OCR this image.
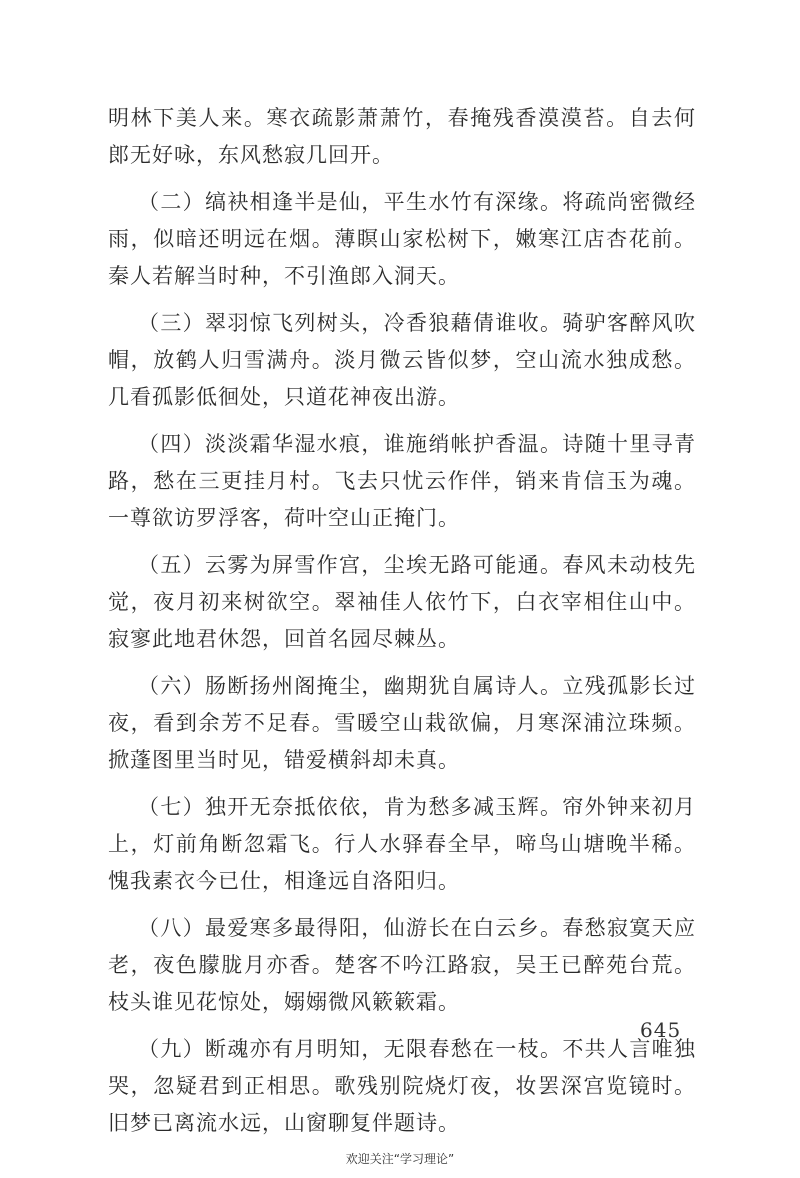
明林下美人来。寒衣疏影萧萧竹，春掩残香漠漠苔。自去何郎无好咏，东风愁寂几回开。

（二）缟袂相逢半是仙，平生水竹有深缘。将疏尚密微经雨，似暗还明远在烟。薄瞑山家松树下，嫩寒江店杏花前。秦人若解当时种，不引渔郎入洞天。

（三）翠羽惊飞列树头，冷香狼藉倩谁收。骑驴客醉风吹帽，放鹤人归雪满舟。淡月微云皆似梦，空山流水独成愁。几看孤影低徊处，只道花神夜出游。

（四）淡淡霜华湿水痕，谁施绡帐护香温。诗随十里寻青路，愁在三更挂月村。飞去只忧云作伴，销来肯信玉为魂。一尊欲访罗浮客，荷叶空山正掩门。

（五）云雾为屏雪作宫，尘埃无路可能通。春风未动枝先觉，夜月初来树欲空。翠袖佳人依竹下，白衣宰相住山中。寂寥此地君休怨，回首名园尽棘丛。

（六）肠断扬州阁掩尘，幽期犹自属诗人。立残孤影长过夜，看到余芳不足春。雪暖空山栽欲偏，月寒深浦泣珠频。掀蓬图里当时见，错爱横斜却未真。

（七）独开无奈抵依依，肯为愁多减玉辉。帘外钟来初月上，灯前角断忽霜飞。行人水驿春全早，啼鸟山塘晚半稀。愧我素衣今已仕，相逢远自洛阳归。

（八）最爱寒多最得阳，仙游长在白云乡。春愁寂寞天应老，夜色朦胧月亦香。楚客不吟江路寂，吴王已醉苑台荒。枝头谁见花惊处，嫋嫋微风簌簌霜。

（九）断魂亦有月明知，无限春愁在一枝。不共人言唯独哭，忽疑君到正相思。歌残别院烧灯夜，妆罢深宫览镜时。旧梦已离流水远，山窗聊复伴题诗。

645
欢迎关注“学习理论”
